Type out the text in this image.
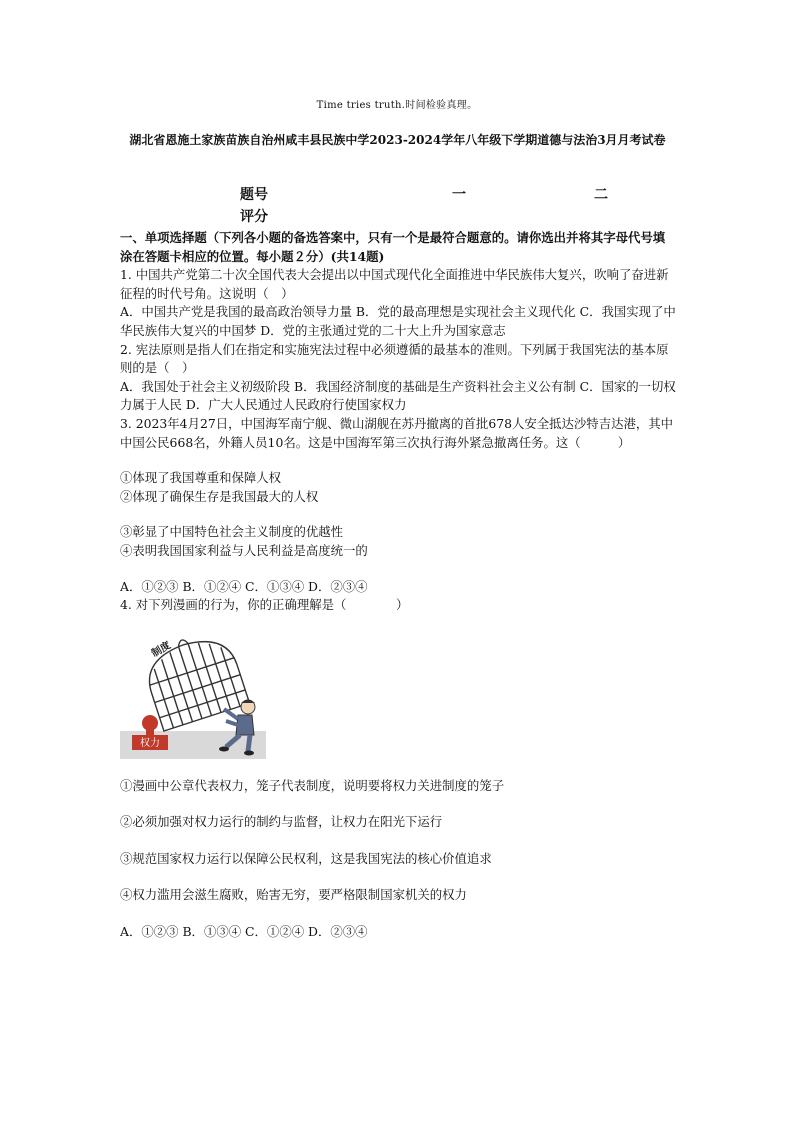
Time tries truth.时间检验真理。
湖北省恩施土家族苗族自治州咸丰县民族中学2023-2024学年八年级下学期道德与法治3月月考试卷
题号	一	二
评分

一、单项选择题（下列各小题的备选答案中，只有一个是最符合题意的。请你选出并将其字母代号填涂在答题卡相应的位置。每小题２分）(共14题)

1. 中国共产党第二十次全国代表大会提出以中国式现代化全面推进中华民族伟大复兴，吹响了奋进新征程的时代号角。这说明（　）

A．中国共产党是我国的最高政治领导力量 B．党的最高理想是实现社会主义现代化 C．我国实现了中华民族伟大复兴的中国梦 D．党的主张通过党的二十大上升为国家意志

2. 宪法原则是指人们在指定和实施宪法过程中必须遵循的最基本的准则。下列属于我国宪法的基本原则的是（　）

A．我国处于社会主义初级阶段 B．我国经济制度的基础是生产资料社会主义公有制 C．国家的一切权力属于人民 D．广大人民通过人民政府行使国家权力

3. 2023年4月27日，中国海军南宁舰、微山湖舰在苏丹撤离的首批678人安全抵达沙特吉达港，其中中国公民668名，外籍人员10名。这是中国海军第三次执行海外紧急撤离任务。这（　　　）

①体现了我国尊重和保障人权

②体现了确保生存是我国最大的人权

③彰显了中国特色社会主义制度的优越性

④表明我国国家利益与人民利益是高度统一的

A．①②③ B．①②④ C．①③④ D．②③④

4. 对下列漫画的行为，你的正确理解是（　　　　）

制度
权力

①漫画中公章代表权力，笼子代表制度，说明要将权力关进制度的笼子

②必须加强对权力运行的制约与监督，让权力在阳光下运行

③规范国家权力运行以保障公民权利，这是我国宪法的核心价值追求

④权力滥用会滋生腐败，贻害无穷，要严格限制国家机关的权力

A．①②③ B．①③④ C．①②④ D．②③④
